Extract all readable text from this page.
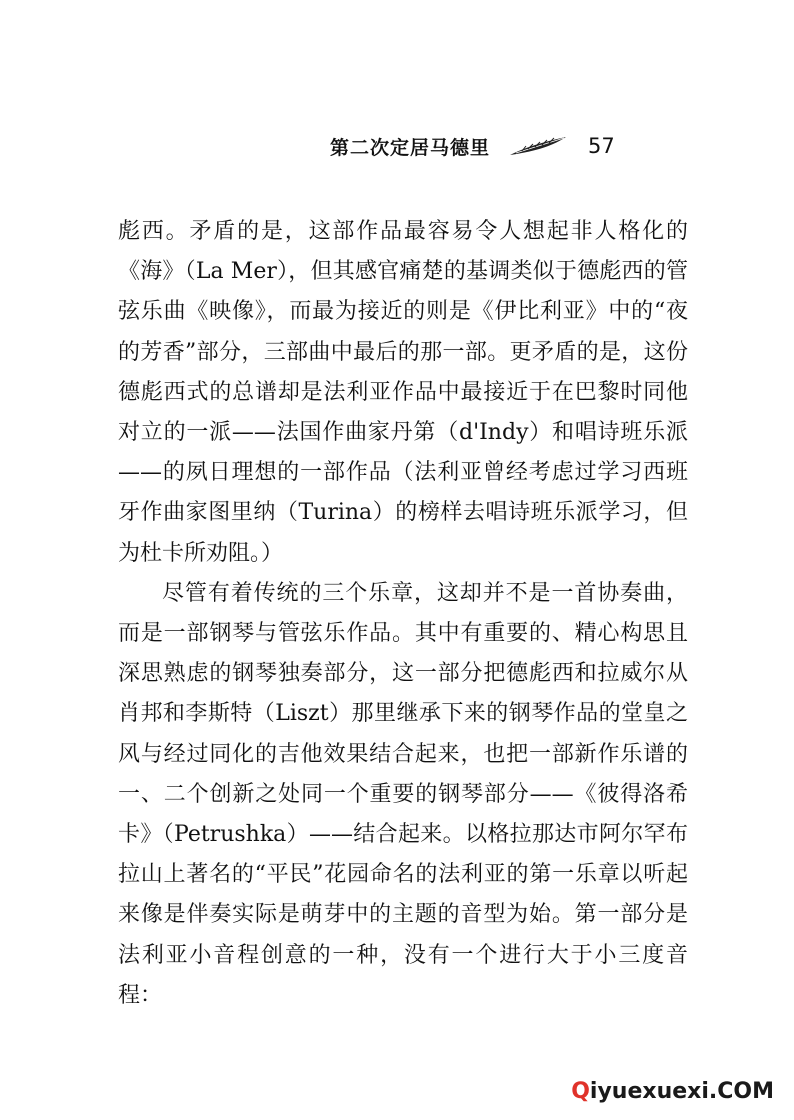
第二次定居马德里	57

彪西。矛盾的是，这部作品最容易令人想起非人格化的《海》（La Mer），但其感官痛楚的基调类似于德彪西的管弦乐曲《映像》，而最为接近的则是《伊比利亚》中的“夜的芳香”部分，三部曲中最后的那一部。更矛盾的是，这份德彪西式的总谱却是法利亚作品中最接近于在巴黎时同他对立的一派——法国作曲家丹第（d'Indy）和唱诗班乐派——的夙日理想的一部作品（法利亚曾经考虑过学习西班牙作曲家图里纳（Turina）的榜样去唱诗班乐派学习，但为杜卡所劝阻。）

尽管有着传统的三个乐章，这却并不是一首协奏曲，而是一部钢琴与管弦乐作品。其中有重要的、精心构思且深思熟虑的钢琴独奏部分，这一部分把德彪西和拉威尔从肖邦和李斯特（Liszt）那里继承下来的钢琴作品的堂皇之风与经过同化的吉他效果结合起来，也把一部新作乐谱的一、二个创新之处同一个重要的钢琴部分——《彼得洛希卡》（Petrushka）——结合起来。以格拉那达市阿尔罕布拉山上著名的“平民”花园命名的法利亚的第一乐章以听起来像是伴奏实际是萌芽中的主题的音型为始。第一部分是法利亚小音程创意的一种，没有一个进行大于小三度音程：

Q iyuexuexi.COM
